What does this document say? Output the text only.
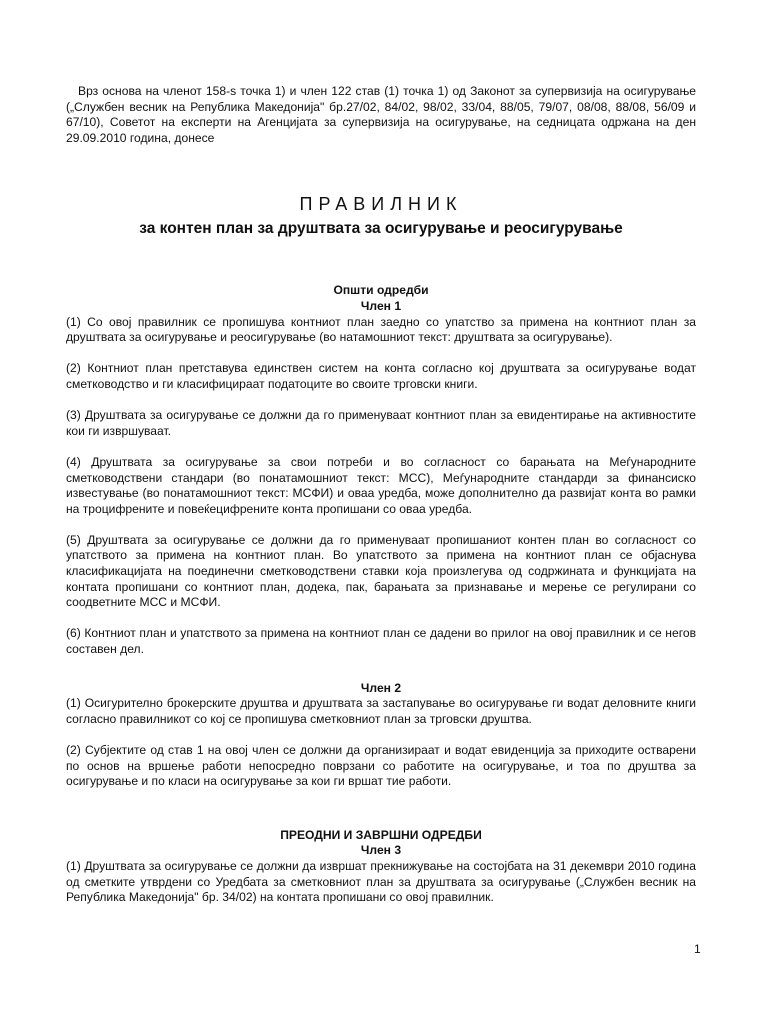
Врз основа на членот 158-ѕ точка 1) и член 122 став (1) точка 1) од Законот за супервизија на осигурување („Службен весник на Република Македонија" бр.27/02, 84/02, 98/02, 33/04, 88/05, 79/07, 08/08, 88/08, 56/09 и 67/10), Советот на експерти на Агенцијата за супервизија на осигурување, на седницата одржана на ден 29.09.2010 година, донесе

ПРАВИЛНИК
за контен план за друштвата за осигурување и реосигурување
Општи одредби
Член 1

(1) Со овој правилник се пропишува контниот план заедно со упатство за примена на контниот план за друштвата за осигурување и реосигурување (во натамошниот текст: друштвата за осигурување).

(2) Контниот план претставува единствен систем на конта согласно кој друштвата за осигурување водат сметководство и ги класифицираат податоците во своите трговски книги.

(3) Друштвата за осигурување се должни да го применуваат контниот план за евидентирање на активностите кои ги извршуваат.

(4) Друштвата за осигурување за свои потреби и во согласност со барањата на Меѓународните сметководствени стандари (во понатамошниот текст: МСС), Меѓународните стандарди за финансиско известување (во понатамошниот текст: МСФИ) и оваа уредба, може дополнително да развијат конта во рамки на троцифрените и повеќецифрените конта пропишани со оваа уредба.

(5) Друштвата за осигурување се должни да го применуваат пропишаниот контен план во согласност со упатството за примена на контниот план. Во упатството за примена на контниот план се објаснува класификацијата на поединечни сметководствени ставки која произлегува од содржината и функцијата на контата пропишани со контниот план, додека, пак, барањата за признавање и мерење се регулирани со соодветните МСС и МСФИ.

(6) Контниот план и упатството за примена на контниот план се дадени во прилог на овој правилник и се негов составен дел.

Член 2

(1) Осигурително брокерските друштва и друштвата за застапување во осигурување ги водат деловните книги согласно правилникот со кој се пропишува сметковниот план за трговски друштва.

(2) Субјектите од став 1 на овој член се должни да организираат и водат евиденција за приходите остварени по основ на вршење работи непосредно поврзани со работите на осигурување, и тоа по друштва за осигурување и по класи на осигурување за кои ги вршат тие работи.

ПРЕОДНИ И ЗАВРШНИ ОДРЕДБИ
Член 3

(1) Друштвата за осигурување се должни да извршат прекнижување на состојбата на 31 декември 2010 година од сметките утврдени со Уредбата за сметковниот план за друштвата за осигурување („Службен весник на Република Македонија" бр. 34/02) на контата пропишани со овој правилник.

1
